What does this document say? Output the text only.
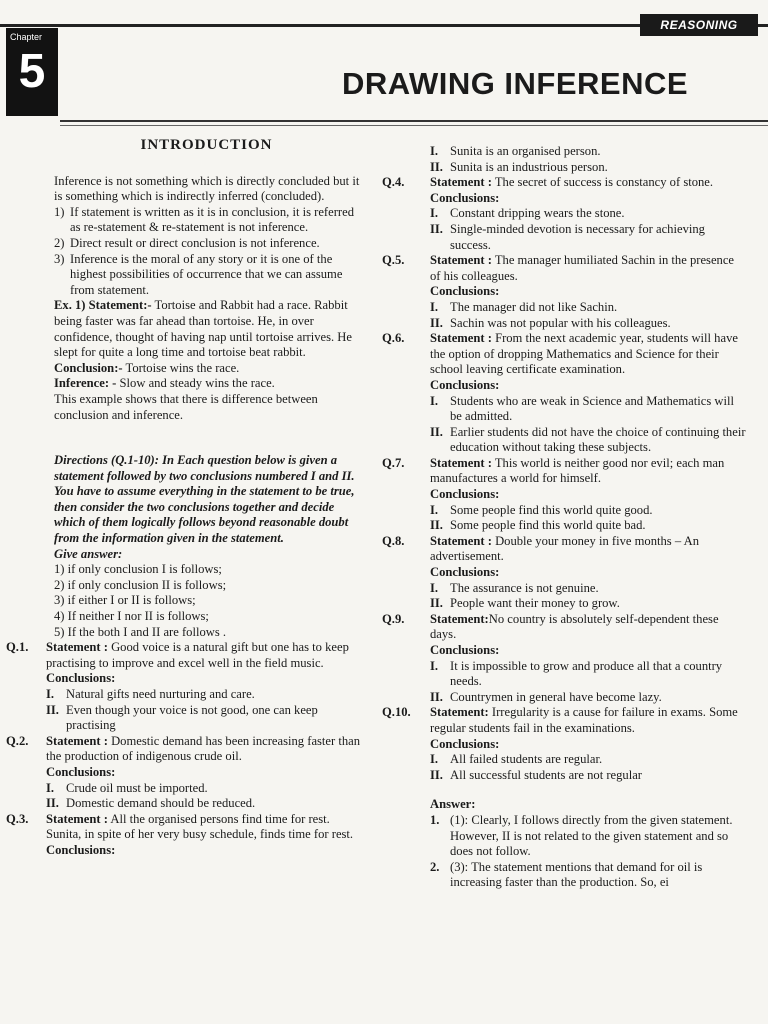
REASONING
Chapter
5	DRAWING INFERENCE
INTRODUCTION

Inference is not something which is directly concluded but it is something which is indirectly inferred (concluded).

1) If statement is written as it is in conclusion, it is referred as re-statement & re-statement is not inference.
2) Direct result or direct conclusion is not inference.
3) Inference is the moral of any story or it is one of the highest possibilities of occurrence that we can assume from statement.

Ex. 1) Statement:- Tortoise and Rabbit had a race. Rabbit being faster was far ahead than tortoise. He, in over confidence, thought of having nap until tortoise arrives. He slept for quite a long time and tortoise beat rabbit.

Conclusion:- Tortoise wins the race.

Inference: - Slow and steady wins the race.

This example shows that there is difference between conclusion and inference.

Directions (Q.1-10): In Each question below is given a statement followed by two conclusions numbered I and II. You have to assume everything in the statement to be true, then consider the two conclusions together and decide which of them logically follows beyond reasonable doubt from the information given in the statement.

Give answer:

1) if only conclusion I is follows;

2) if only conclusion II is follows;

3) if either I or II is follows;

4) If neither I nor II is follows;

5) If the both I and II are follows .

Q.1. Statement : Good voice is a natural gift but one has to keep practising to improve and excel well in the field music.

Conclusions:

I. Natural gifts need nurturing and care.
II. Even though your voice is not good, one can keep practising
Q.2. Statement : Domestic demand has been increasing faster than the production of indigenous crude oil.

Conclusions:

I. Crude oil must be imported.
II. Domestic demand should be reduced.
Q.3. Statement : All the organised persons find time for rest. Sunita, in spite of her very busy schedule, finds time for rest.

Conclusions:

I. Sunita is an organised person.
II. Sunita is an industrious person.
Q.4. Statement : The secret of success is constancy of stone.

Conclusions:

I. Constant dripping wears the stone.
II. Single-minded devotion is necessary for achieving success.
Q.5. Statement : The manager humiliated Sachin in the presence of his colleagues.

Conclusions:

I. The manager did not like Sachin.
II. Sachin was not popular with his colleagues.
Q.6. Statement : From the next academic year, students will have the option of dropping Mathematics and Science for their school leaving certificate examination.

Conclusions:

I. Students who are weak in Science and Mathematics will be admitted.
II. Earlier students did not have the choice of continuing their education without taking these subjects.
Q.7. Statement : This world is neither good nor evil; each man manufactures a world for himself.

Conclusions:

I. Some people find this world quite good.
II. Some people find this world quite bad.
Q.8. Statement : Double your money in five months – An advertisement.

Conclusions:

I. The assurance is not genuine.
II. People want their money to grow.
Q.9. Statement:No country is absolutely self-dependent these days.

Conclusions:

I. It is impossible to grow and produce all that a country needs.
II. Countrymen in general have become lazy.
Q.10. Statement: Irregularity is a cause for failure in exams. Some regular students fail in the examinations.

Conclusions:

I. All failed students are regular.
II. All successful students are not regular

Answer:

1. (1): Clearly, I follows directly from the given statement. However, II is not related to the given statement and so does not follow.
2. (3): The statement mentions that demand for oil is increasing faster than the production. So, ei
